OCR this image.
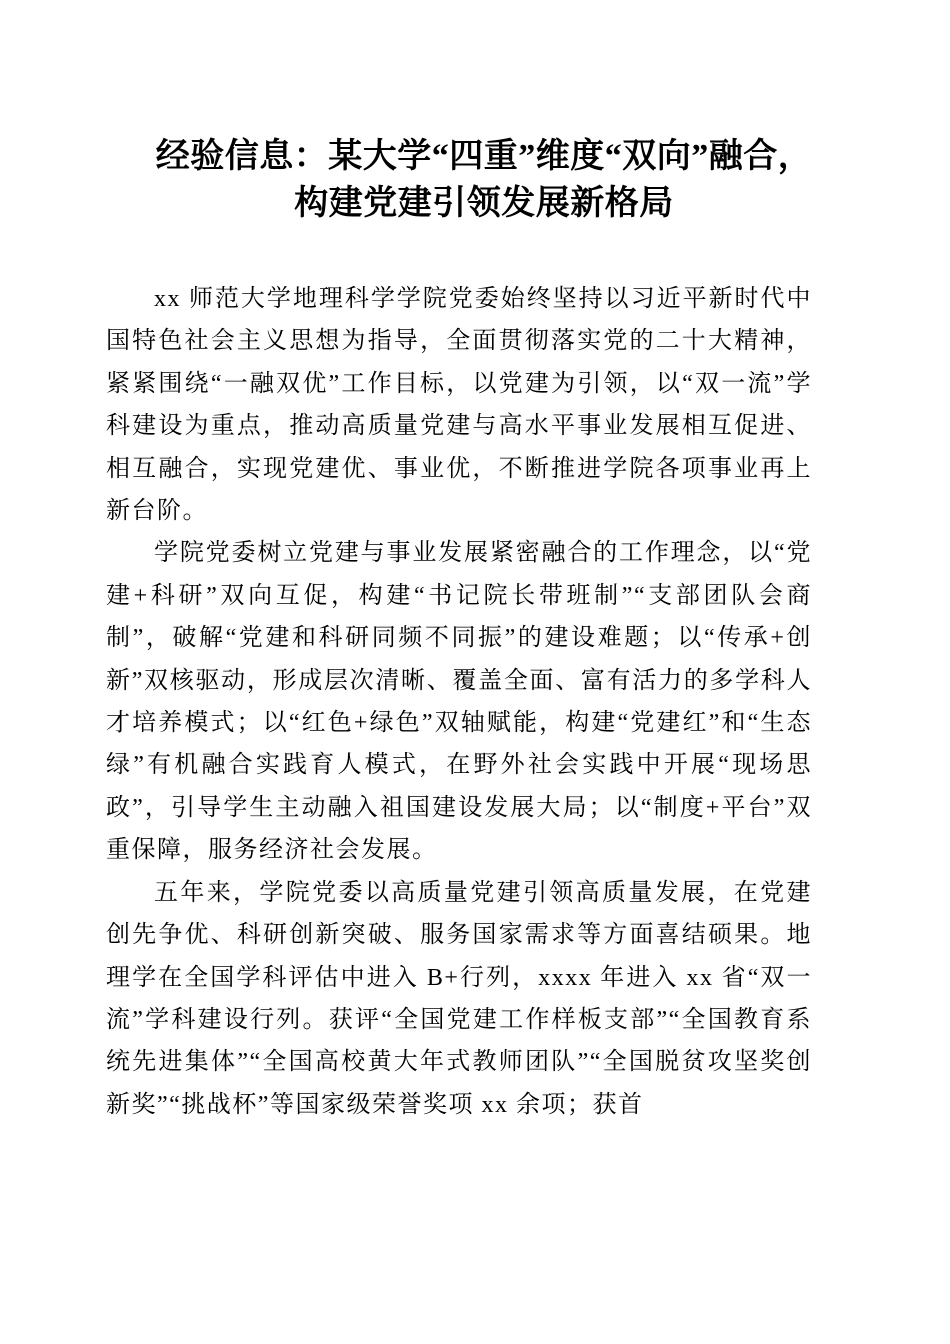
经验信息：某大学“四重”维度“双向”融合，
构建党建引领发展新格局

xx 师范大学地理科学学院党委始终坚持以习近平新时代中国特色社会主义思想为指导，全面贯彻落实党的二十大精神，紧紧围绕“一融双优”工作目标，以党建为引领，以“双一流”学科建设为重点，推动高质量党建与高水平事业发展相互促进、相互融合，实现党建优、事业优，不断推进学院各项事业再上新台阶。

学院党委树立党建与事业发展紧密融合的工作理念，以“党建+科研”双向互促，构建“书记院长带班制”“支部团队会商制”，破解“党建和科研同频不同振”的建设难题；以“传承+创新”双核驱动，形成层次清晰、覆盖全面、富有活力的多学科人才培养模式；以“红色+绿色”双轴赋能，构建“党建红”和“生态绿”有机融合实践育人模式，在野外社会实践中开展“现场思政”，引导学生主动融入祖国建设发展大局；以“制度+平台”双重保障，服务经济社会发展。

五年来，学院党委以高质量党建引领高质量发展，在党建创先争优、科研创新突破、服务国家需求等方面喜结硕果。地理学在全国学科评估中进入 B+行列，xxxx 年进入 xx 省“双一流”学科建设行列。获评“全国党建工作样板支部”“全国教育系统先进集体”“全国高校黄大年式教师团队”“全国脱贫攻坚奖创新奖”“挑战杯”等国家级荣誉奖项 xx 余项；获首
